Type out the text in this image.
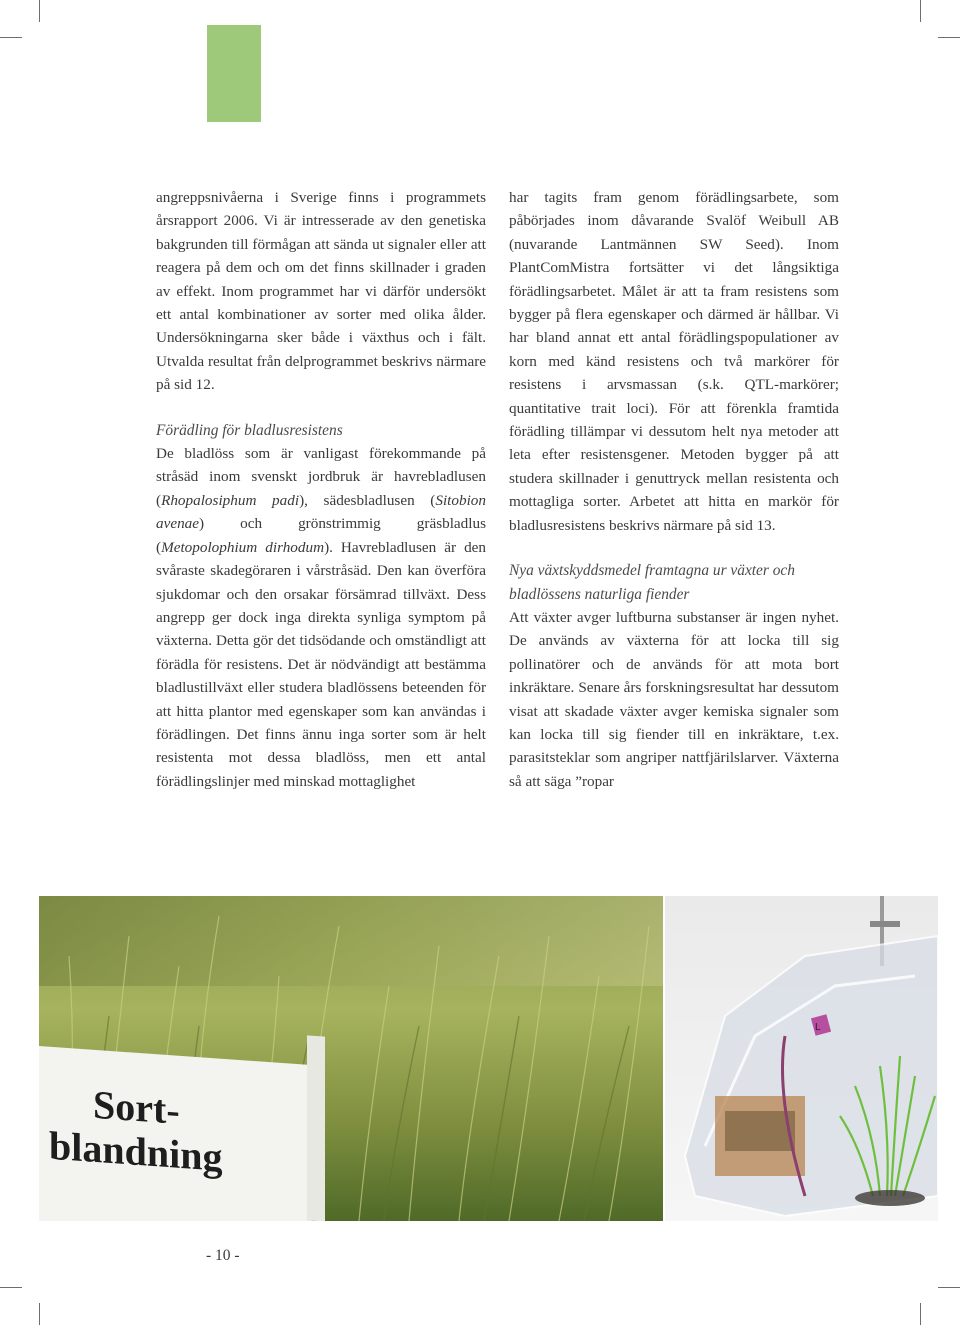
angreppsnivåerna i Sverige finns i programmets årsrapport 2006. Vi är intresserade av den genetiska bakgrunden till förmågan att sända ut signaler eller att reagera på dem och om det finns skillnader i graden av effekt. Inom programmet har vi därför undersökt ett antal kombinationer av sorter med olika ålder. Undersökningarna sker både i växthus och i fält. Utvalda resultat från delprogrammet beskrivs närmare på sid 12.

Förädling för bladlusresistens

De bladlöss som är vanligast förekommande på stråsäd inom svenskt jordbruk är havrebladlusen (Rhopalosiphum padi), sädesbladlusen (Sitobion avenae) och grönstrimmig gräsbladlus (Metopolophium dirhodum). Havrebladlusen är den svåraste skadegöraren i vårstråsäd. Den kan överföra sjukdomar och den orsakar försämrad tillväxt. Dess angrepp ger dock inga direkta synliga symptom på växterna. Detta gör det tidsödande och omständligt att förädla för resistens. Det är nödvändigt att bestämma bladlustillväxt eller studera bladlössens beteenden för att hitta plantor med egenskaper som kan användas i förädlingen. Det finns ännu inga sorter som är helt resistenta mot dessa bladlöss, men ett antal förädlingslinjer med minskad mottaglighet

har tagits fram genom förädlingsarbete, som påbörjades inom dåvarande Svalöf Weibull AB (nuvarande Lantmännen SW Seed). Inom PlantComMistra fortsätter vi det långsiktiga förädlingsarbetet. Målet är att ta fram resistens som bygger på flera egenskaper och därmed är hållbar. Vi har bland annat ett antal förädlingspopulationer av korn med känd resistens och två markörer för resistens i arvsmassan (s.k. QTL-markörer; quantitative trait loci). För att förenkla framtida förädling tillämpar vi dessutom helt nya metoder att leta efter resistensgener. Metoden bygger på att studera skillnader i genuttryck mellan resistenta och mottagliga sorter. Arbetet att hitta en markör för bladlusresistens beskrivs närmare på sid 13.

Nya växtskyddsmedel framtagna ur växter och bladlössens naturliga fiender

Att växter avger luftburna substanser är ingen nyhet. De används av växterna för att locka till sig pollinatörer och de används för att mota bort inkräktare. Senare års forskningsresultat har dessutom visat att skadade växter avger kemiska signaler som kan locka till sig fiender till en inkräktare, t.ex. parasitsteklar som angriper nattfjärilslarver. Växterna så att säga ”ropar

Sort-
blandning
L
- 10 -
